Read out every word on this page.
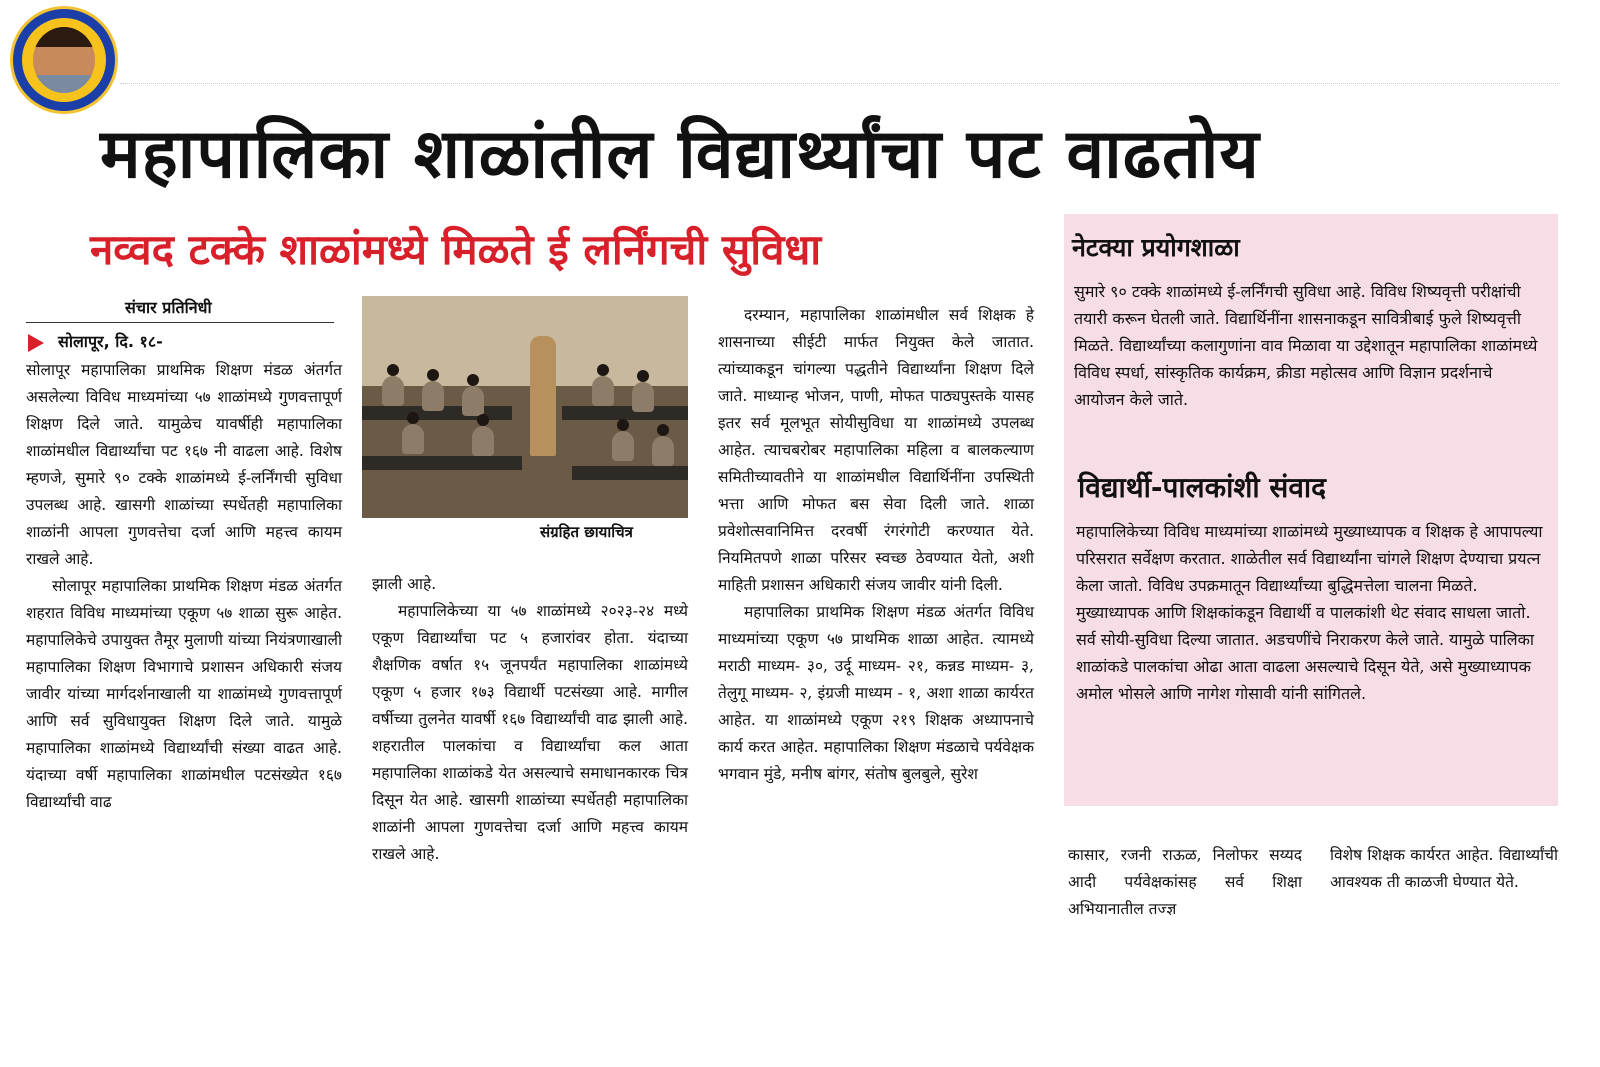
महापालिका शाळांतील विद्यार्थ्यांचा पट वाढतोय
नव्वद टक्के शाळांमध्ये मिळते ई लर्निंगची सुविधा
संचार प्रतिनिधी
सोलापूर, दि. १८-

सोलापूर महापालिका प्राथमिक शिक्षण मंडळ अंतर्गत असलेल्या विविध माध्यमांच्या ५७ शाळांमध्ये गुणवत्तापूर्ण शिक्षण दिले जाते. यामुळेच यावर्षीही महापालिका शाळांमधील विद्यार्थ्यांचा पट १६७ नी वाढला आहे. विशेष म्हणजे, सुमारे ९० टक्के शाळांमध्ये ई-लर्निंगची सुविधा उपलब्ध आहे. खासगी शाळांच्या स्पर्धेतही महापालिका शाळांनी आपला गुणवत्तेचा दर्जा आणि महत्त्व कायम राखले आहे.

सोलापूर महापालिका प्राथमिक शिक्षण मंडळ अंतर्गत शहरात विविध माध्यमांच्या एकूण ५७ शाळा सुरू आहेत. महापालिकेचे उपायुक्त तैमूर मुलाणी यांच्या नियंत्रणाखाली महापालिका शिक्षण विभागाचे प्रशासन अधिकारी संजय जावीर यांच्या मार्गदर्शनाखाली या शाळांमध्ये गुणवत्तापूर्ण आणि सर्व सुविधायुक्त शिक्षण दिले जाते. यामुळे महापालिका शाळांमध्ये विद्यार्थ्यांची संख्या वाढत आहे. यंदाच्या वर्षी महापालिका शाळांमधील पटसंख्येत १६७ विद्यार्थ्यांची वाढ

संग्रहित छायाचित्र

झाली आहे.

महापालिकेच्या या ५७ शाळांमध्ये २०२३-२४ मध्ये एकूण विद्यार्थ्यांचा पट ५ हजारांवर होता. यंदाच्या शैक्षणिक वर्षात १५ जूनपर्यंत महापालिका शाळांमध्ये एकूण ५ हजार १७३ विद्यार्थी पटसंख्या आहे. मागील वर्षीच्या तुलनेत यावर्षी १६७ विद्यार्थ्यांची वाढ झाली आहे. शहरातील पालकांचा व विद्यार्थ्यांचा कल आता महापालिका शाळांकडे येत असल्याचे समाधानकारक चित्र दिसून येत आहे. खासगी शाळांच्या स्पर्धेतही महापालिका शाळांनी आपला गुणवत्तेचा दर्जा आणि महत्त्व कायम राखले आहे.

दरम्यान, महापालिका शाळांमधील सर्व शिक्षक हे शासनाच्या सीईटी मार्फत नियुक्त केले जातात. त्यांच्याकडून चांगल्या पद्धतीने विद्यार्थ्यांना शिक्षण दिले जाते. माध्यान्ह भोजन, पाणी, मोफत पाठ्यपुस्तके यासह इतर सर्व मूलभूत सोयीसुविधा या शाळांमध्ये उपलब्ध आहेत. त्याचबरोबर महापालिका महिला व बालकल्याण समितीच्यावतीने या शाळांमधील विद्यार्थिनींना उपस्थिती भत्ता आणि मोफत बस सेवा दिली जाते. शाळा प्रवेशोत्सवानिमित्त दरवर्षी रंगरंगोटी करण्यात येते. नियमितपणे शाळा परिसर स्वच्छ ठेवण्यात येतो, अशी माहिती प्रशासन अधिकारी संजय जावीर यांनी दिली.

महापालिका प्राथमिक शिक्षण मंडळ अंतर्गत विविध माध्यमांच्या एकूण ५७ प्राथमिक शाळा आहेत. त्यामध्ये मराठी माध्यम- ३०, उर्दू माध्यम- २१, कन्नड माध्यम- ३, तेलुगू माध्यम- २, इंग्रजी माध्यम - १, अशा शाळा कार्यरत आहेत. या शाळांमध्ये एकूण २१९ शिक्षक अध्यापनाचे कार्य करत आहेत. महापालिका शिक्षण मंडळाचे पर्यवेक्षक भगवान मुंडे, मनीष बांगर, संतोष बुलबुले, सुरेश

नेटक्या प्रयोगशाळा
सुमारे ९० टक्के शाळांमध्ये ई-लर्निंगची सुविधा आहे. विविध शिष्यवृत्ती परीक्षांची तयारी करून घेतली जाते. विद्यार्थिनींना शासनाकडून सावित्रीबाई फुले शिष्यवृत्ती मिळते. विद्यार्थ्यांच्या कलागुणांना वाव मिळावा या उद्देशातून महापालिका शाळांमध्ये विविध स्पर्धा, सांस्कृतिक कार्यक्रम, क्रीडा महोत्सव आणि विज्ञान प्रदर्शनाचे आयोजन केले जाते.
विद्यार्थी-पालकांशी संवाद
महापालिकेच्या विविध माध्यमांच्या शाळांमध्ये मुख्याध्यापक व शिक्षक हे आपापल्या परिसरात सर्वेक्षण करतात. शाळेतील सर्व विद्यार्थ्यांना चांगले शिक्षण देण्याचा प्रयत्न केला जातो. विविध उपक्रमातून विद्यार्थ्यांच्या बुद्धिमत्तेला चालना मिळते. मुख्याध्यापक आणि शिक्षकांकडून विद्यार्थी व पालकांशी थेट संवाद साधला जातो. सर्व सोयी-सुविधा दिल्या जातात. अडचणींचे निराकरण केले जाते. यामुळे पालिका शाळांकडे पालकांचा ओढा आता वाढला असल्याचे दिसून येते, असे मुख्याध्यापक अमोल भोसले आणि नागेश गोसावी यांनी सांगितले.

कासार, रजनी राऊळ, निलोफर सय्यद आदी पर्यवेक्षकांसह सर्व शिक्षा अभियानातील तज्ज्ञ

विशेष शिक्षक कार्यरत आहेत. विद्यार्थ्यांची आवश्यक ती काळजी घेण्यात येते.
